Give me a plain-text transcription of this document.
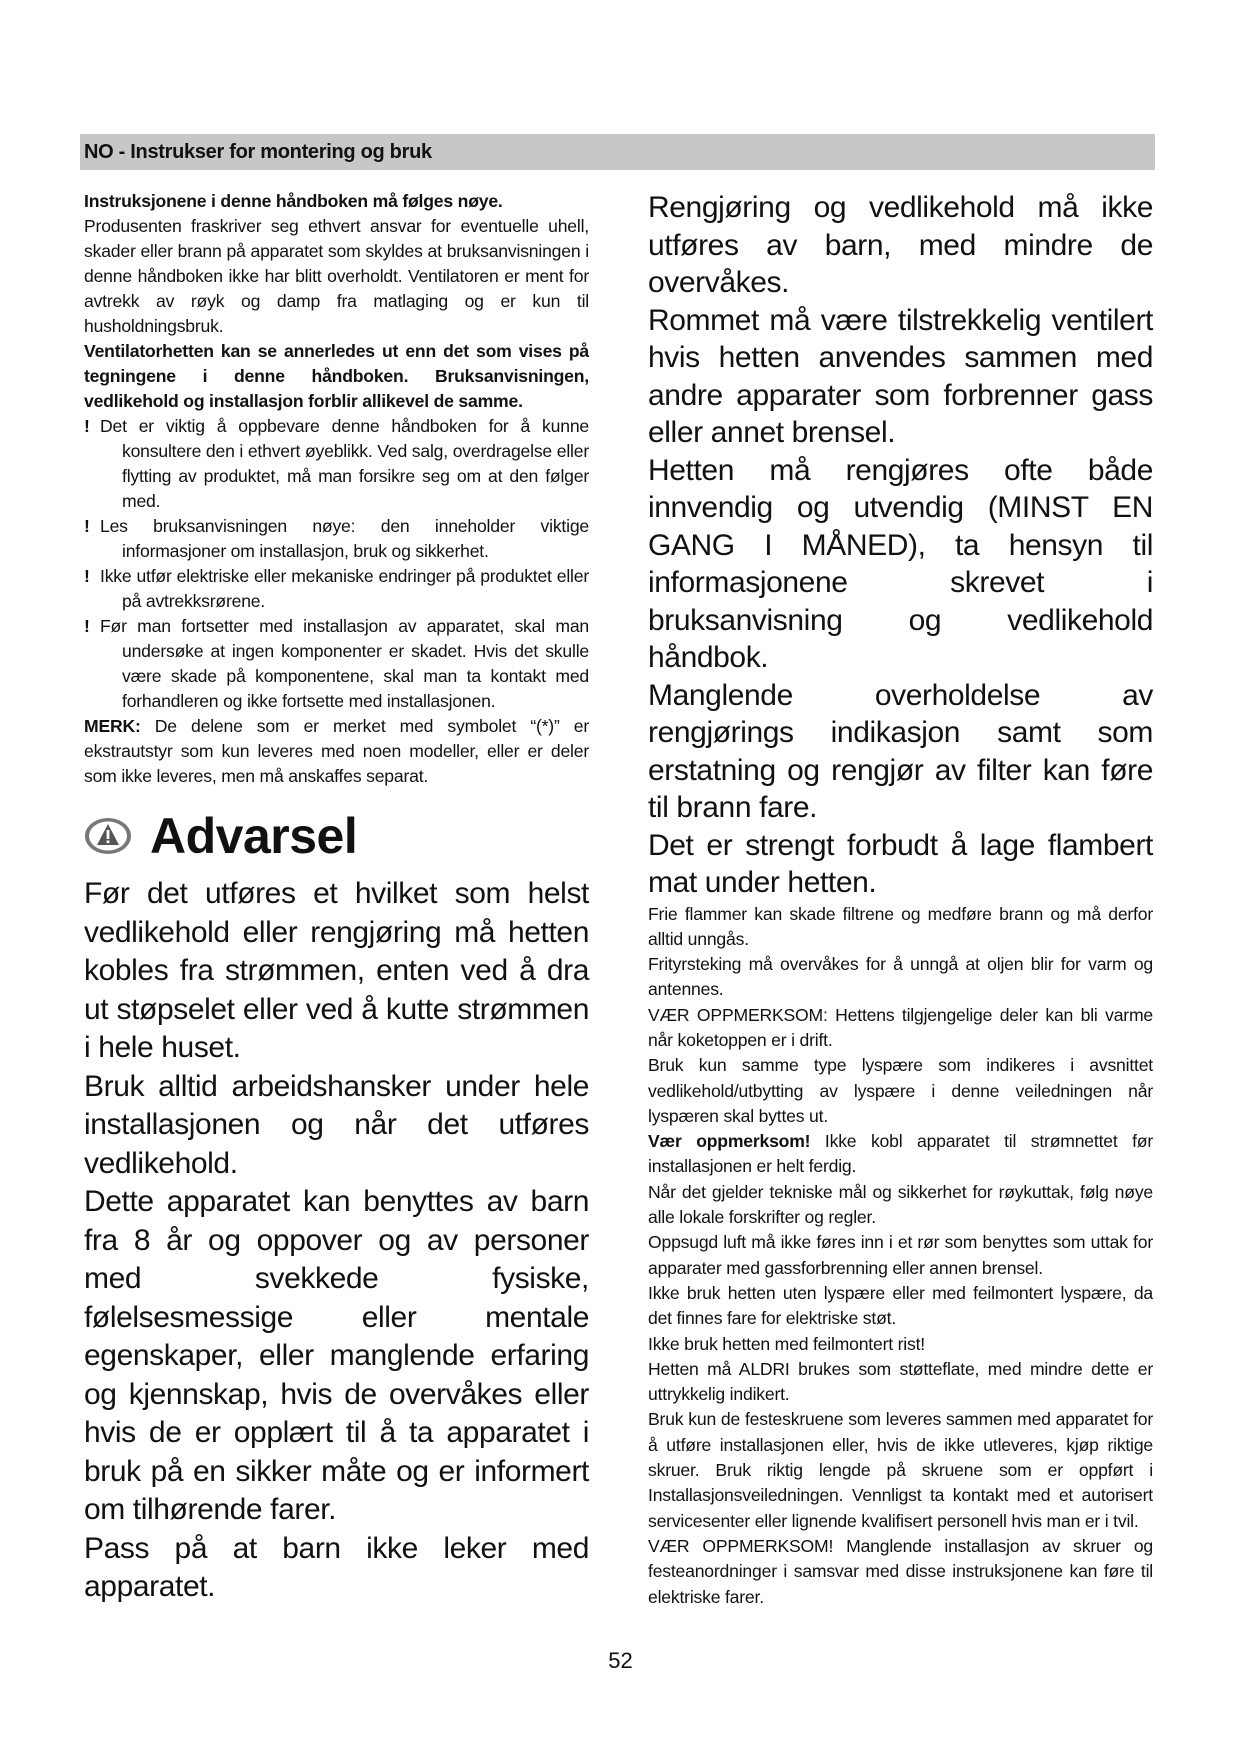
NO - Instrukser for montering og bruk

Instruksjonene i denne håndboken må følges nøye.
Produsenten fraskriver seg ethvert ansvar for eventuelle uhell, skader eller brann på apparatet som skyldes at bruksanvisningen i denne håndboken ikke har blitt overholdt. Ventilatoren er ment for avtrekk av røyk og damp fra matlaging og er kun til husholdningsbruk.

Ventilatorhetten kan se annerledes ut enn det som vises på tegningene i denne håndboken. Bruksanvisningen, vedlikehold og installasjon forblir allikevel de samme.

! Det er viktig å oppbevare denne håndboken for å kunne konsultere den i ethvert øyeblikk. Ved salg, overdragelse eller flytting av produktet, må man forsikre seg om at den følger med.

! Les bruksanvisningen nøye: den inneholder viktige informasjoner om installasjon, bruk og sikkerhet.

! Ikke utfør elektriske eller mekaniske endringer på produktet eller på avtrekksrørene.

! Før man fortsetter med installasjon av apparatet, skal man undersøke at ingen komponenter er skadet. Hvis det skulle være skade på komponentene, skal man ta kontakt med forhandleren og ikke fortsette med installasjonen.

MERK: De delene som er merket med symbolet “(*)” er ekstrautstyr som kun leveres med noen modeller, eller er deler som ikke leveres, men må anskaffes separat.

Advarsel

Før det utføres et hvilket som helst vedlikehold eller rengjøring må hetten kobles fra strømmen, enten ved å dra ut støpselet eller ved å kutte strømmen i hele huset.

Bruk alltid arbeidshansker under hele installasjonen og når det utføres vedlikehold.

Dette apparatet kan benyttes av barn fra 8 år og oppover og av personer med svekkede fysiske, følelsesmessige eller mentale egenskaper, eller manglende erfaring og kjennskap, hvis de overvåkes eller hvis de er opplært til å ta apparatet i bruk på en sikker måte og er informert om tilhørende farer.

Pass på at barn ikke leker med apparatet.

Rengjøring og vedlikehold må ikke utføres av barn, med mindre de overvåkes.

Rommet må være tilstrekkelig ventilert hvis hetten anvendes sammen med andre apparater som forbrenner gass eller annet brensel.

Hetten må rengjøres ofte både innvendig og utvendig (MINST EN GANG I MÅNED), ta hensyn til informasjonene skrevet i bruksanvisning og vedlikehold håndbok.

Manglende overholdelse av rengjørings indikasjon samt som erstatning og rengjør av filter kan føre til brann fare.

Det er strengt forbudt å lage flambert mat under hetten.

Frie flammer kan skade filtrene og medføre brann og må derfor alltid unngås.

Frityrsteking må overvåkes for å unngå at oljen blir for varm og antennes.

VÆR OPPMERKSOM: Hettens tilgjengelige deler kan bli varme når koketoppen er i drift.

Bruk kun samme type lyspære som indikeres i avsnittet vedlikehold/utbytting av lyspære i denne veiledningen når lyspæren skal byttes ut.

Vær oppmerksom! Ikke kobl apparatet til strømnettet før installasjonen er helt ferdig.

Når det gjelder tekniske mål og sikkerhet for røykuttak, følg nøye alle lokale forskrifter og regler.

Oppsugd luft må ikke føres inn i et rør som benyttes som uttak for apparater med gassforbrenning eller annen brensel.

Ikke bruk hetten uten lyspære eller med feilmontert lyspære, da det finnes fare for elektriske støt.

Ikke bruk hetten med feilmontert rist!

Hetten må ALDRI brukes som støtteflate, med mindre dette er uttrykkelig indikert.

Bruk kun de festeskruene som leveres sammen med apparatet for å utføre installasjonen eller, hvis de ikke utleveres, kjøp riktige skruer. Bruk riktig lengde på skruene som er oppført i Installasjonsveiledningen. Vennligst ta kontakt med et autorisert servicesenter eller lignende kvalifisert personell hvis man er i tvil.

VÆR OPPMERKSOM! Manglende installasjon av skruer og festeanordninger i samsvar med disse instruksjonene kan føre til elektriske farer.

52
